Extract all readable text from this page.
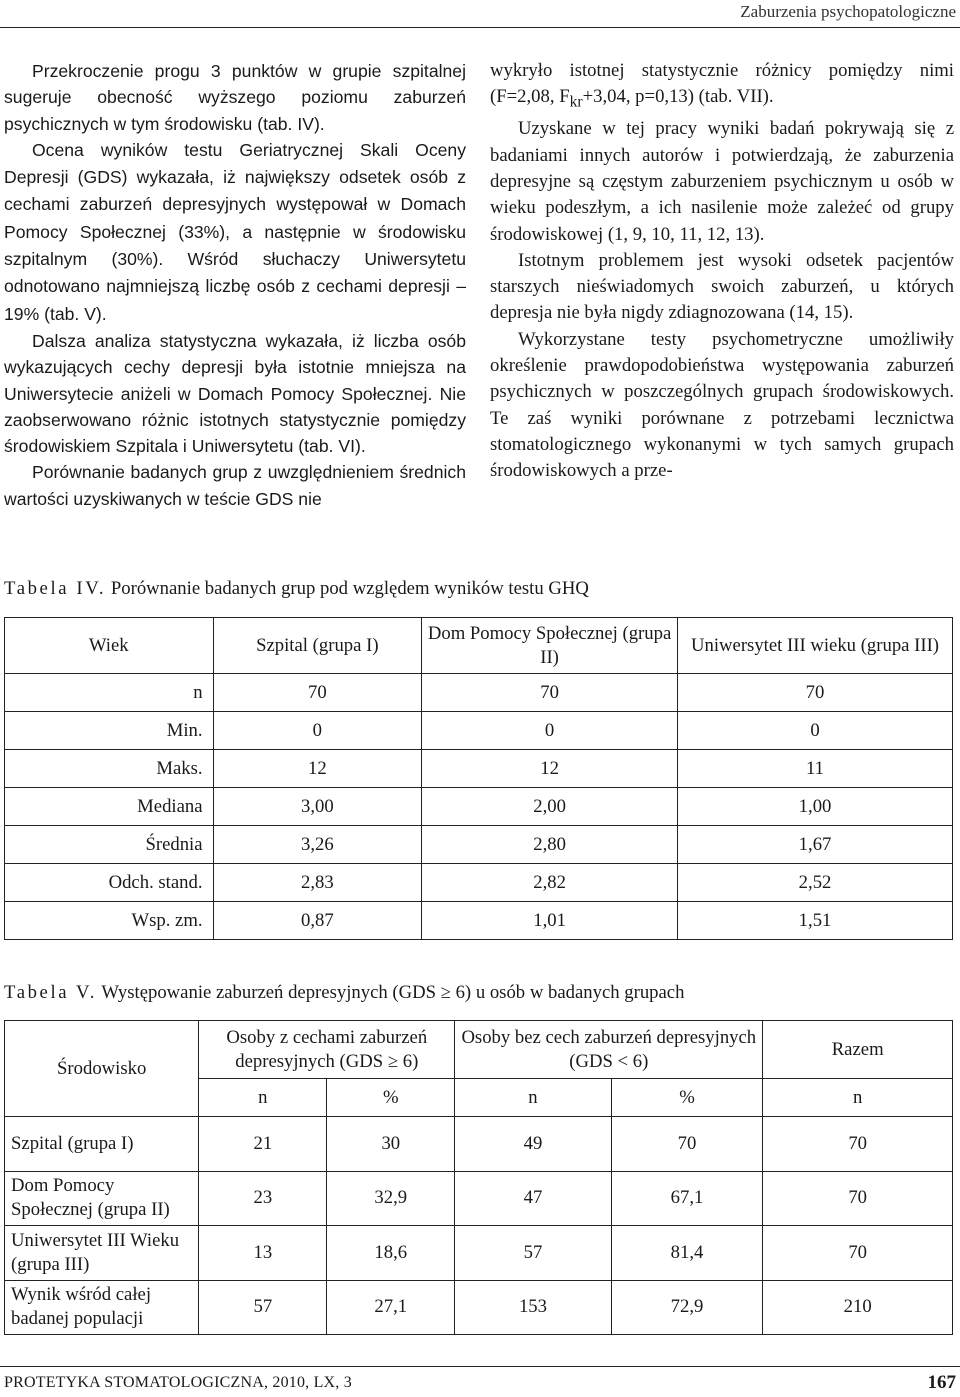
Zaburzenia psychopatologiczne

Przekroczenie progu 3 punktów w grupie szpitalnej sugeruje obecność wyższego poziomu zaburzeń psychicznych w tym środowisku (tab. IV).

Ocena wyników testu Geriatrycznej Skali Oceny Depresji (GDS) wykazała, iż największy odsetek osób z cechami zaburzeń depresyjnych występował w Domach Pomocy Społecznej (33%), a następnie w środowisku szpitalnym (30%). Wśród słuchaczy Uniwersytetu odnotowano najmniejszą liczbę osób z cechami depresji – 19% (tab. V).

Dalsza analiza statystyczna wykazała, iż liczba osób wykazujących cechy depresji była istotnie mniejsza na Uniwersytecie aniżeli w Domach Pomocy Społecznej. Nie zaobserwowano różnic istotnych statystycznie pomiędzy środowiskiem Szpitala i Uniwersytetu (tab. VI).

Porównanie badanych grup z uwzględnieniem średnich wartości uzyskiwanych w teście GDS nie

wykryło istotnej statystycznie różnicy pomiędzy nimi (F=2,08, $F_{kr}+3,04$, p=0,13) (tab. VII).

Uzyskane w tej pracy wyniki badań pokrywają się z badaniami innych autorów i potwierdzają, że zaburzenia depresyjne są częstym zaburzeniem psychicznym u osób w wieku podeszłym, a ich nasilenie może zależeć od grupy środowiskowej (1, 9, 10, 11, 12, 13).

Istotnym problemem jest wysoki odsetek pacjentów starszych nieświadomych swoich zaburzeń, u których depresja nie była nigdy zdiagnozowana (14, 15).

Wykorzystane testy psychometryczne umożliwiły określenie prawdopodobieństwa występowania zaburzeń psychicznych w poszczególnych grupach środowiskowych. Te zaś wyniki porównane z potrzebami lecznictwa stomatologicznego wykonanymi w tych samych grupach środowiskowych a prze-

Tabela IV. Porównanie badanych grup pod względem wyników testu GHQ
Wiek	Szpital (grupa I)	Dom Pomocy Społecznej (grupa II)	Uniwersytet III wieku (grupa III)
n	70	70	70
Min.	0	0	0
Maks.	12	12	11
Mediana	3,00	2,00	1,00
Średnia	3,26	2,80	1,67
Odch. stand.	2,83	2,82	2,52
Wsp. zm.	0,87	1,01	1,51
Tabela V. Występowanie zaburzeń depresyjnych (GDS ≥ 6) u osób w badanych grupach
Środowisko	Osoby z cechami zaburzeń depresyjnych (GDS ≥ 6)		Osoby bez cech zaburzeń depresyjnych (GDS < 6)		Razem
	n	%	n	%	n
Szpital (grupa I)	21	30	49	70	70
Dom Pomocy Społecznej (grupa II)	23	32,9	47	67,1	70
Uniwersytet III Wieku (grupa III)	13	18,6	57	81,4	70
Wynik wśród całej badanej populacji	57	27,1	153	72,9	210
PROTETYKA STOMATOLOGICZNA, 2010, LX, 3	167
